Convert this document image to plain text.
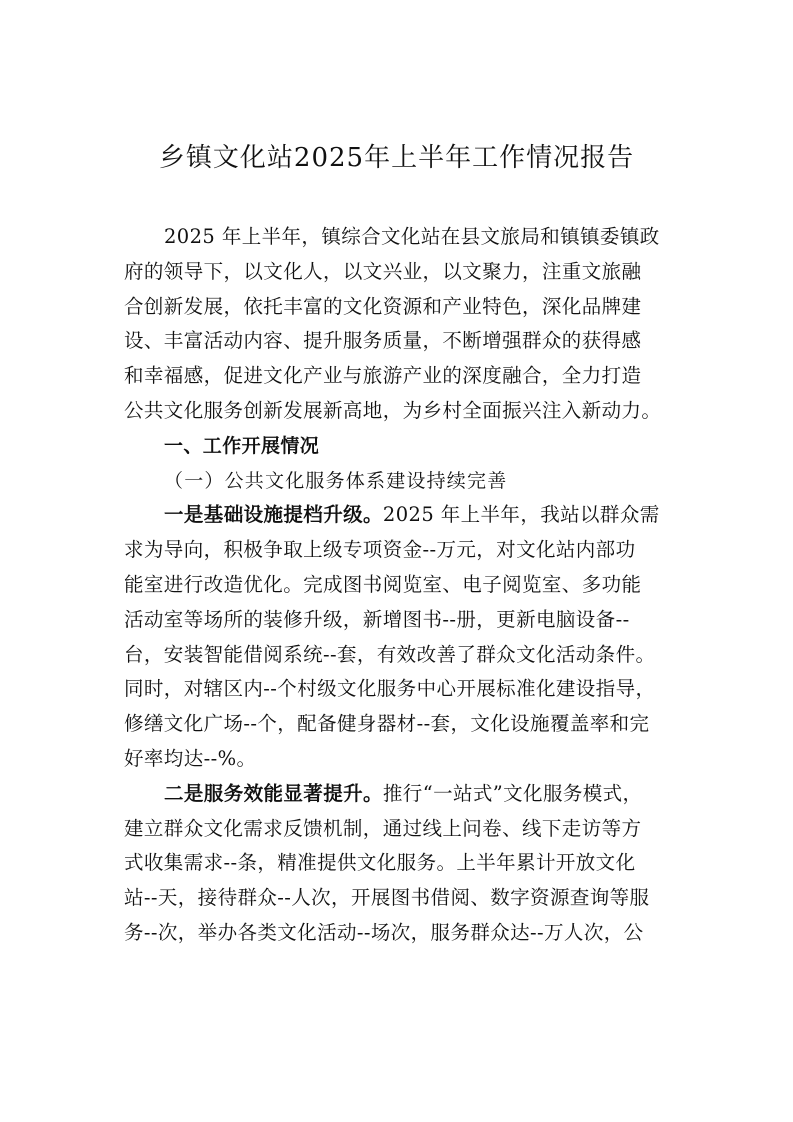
乡镇文化站2025年上半年工作情况报告
2025 年上半年，镇综合文化站在县文旅局和镇镇委镇政
府的领导下，以文化人，以文兴业，以文聚力，注重文旅融
合创新发展，依托丰富的文化资源和产业特色，深化品牌建
设、丰富活动内容、提升服务质量，不断增强群众的获得感
和幸福感，促进文化产业与旅游产业的深度融合，全力打造
公共文化服务创新发展新高地，为乡村全面振兴注入新动力。
一、工作开展情况
（一）公共文化服务体系建设持续完善
一是基础设施提档升级。2025 年上半年，我站以群众需
求为导向，积极争取上级专项资金--万元，对文化站内部功
能室进行改造优化。完成图书阅览室、电子阅览室、多功能
活动室等场所的装修升级，新增图书--册，更新电脑设备--
台，安装智能借阅系统--套，有效改善了群众文化活动条件。
同时，对辖区内--个村级文化服务中心开展标准化建设指导，
修缮文化广场--个，配备健身器材--套，文化设施覆盖率和完
好率均达--%。
二是服务效能显著提升。推行“一站式”文化服务模式，
建立群众文化需求反馈机制，通过线上问卷、线下走访等方
式收集需求--条，精准提供文化服务。上半年累计开放文化
站--天，接待群众--人次，开展图书借阅、数字资源查询等服
务--次，举办各类文化活动--场次，服务群众达--万人次，公
